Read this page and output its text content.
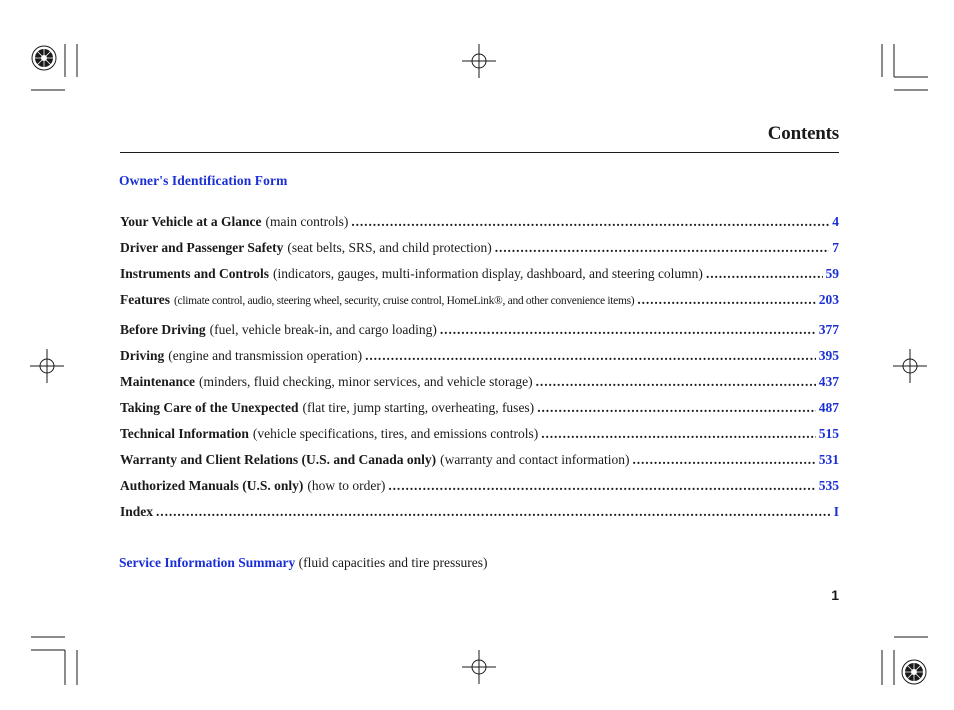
Contents
Owner's Identification Form
Your Vehicle at a Glance (main controls) .....	4
Driver and Passenger Safety (seat belts, SRS, and child protection) .....	7
Instruments and Controls (indicators, gauges, multi-information display, dashboard, and steering column) .....	59
Features (climate control, audio, steering wheel, security, cruise control, HomeLink®, and other convenience items) .....	203
Before Driving (fuel, vehicle break-in, and cargo loading) .....	377
Driving (engine and transmission operation) .....	395
Maintenance (minders, fluid checking, minor services, and vehicle storage) .....	437
Taking Care of the Unexpected (flat tire, jump starting, overheating, fuses) .....	487
Technical Information (vehicle specifications, tires, and emissions controls) .....	515
Warranty and Client Relations (U.S. and Canada only) (warranty and contact information) .....	531
Authorized Manuals (U.S. only) (how to order) .....	535
Index .....	I
Service Information Summary (fluid capacities and tire pressures)
1
